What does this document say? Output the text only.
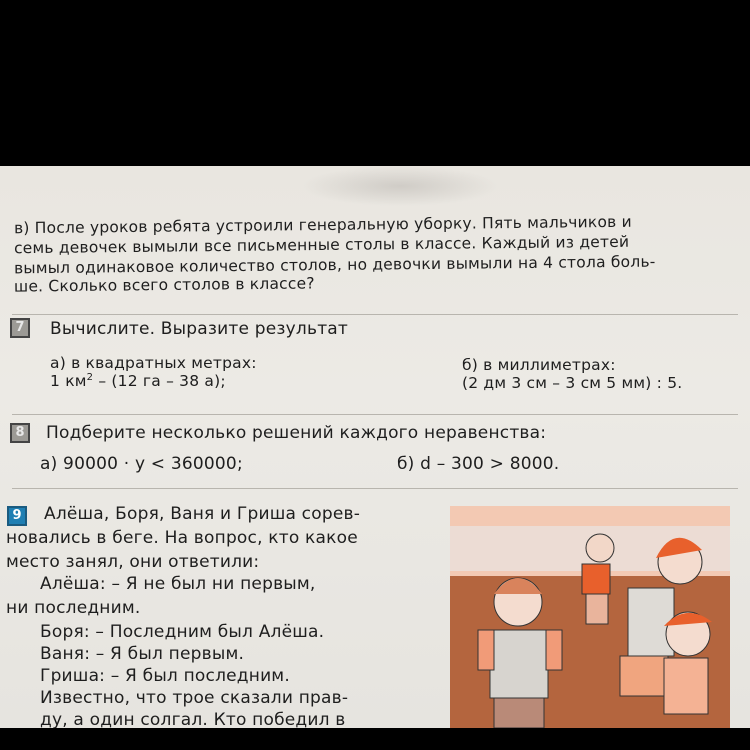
в) После уроков ребята устроили генеральную уборку. Пять мальчиков и
семь девочек вымыли все письменные столы в классе. Каждый из детей
вымыл одинаковое количество столов, но девочки вымыли на 4 стола боль-
ше. Сколько всего столов в классе?
7	Вычислите. Выразите результат
а) в квадратных метрах:
1 $км^2 - (12$ га – 38 а);
б) в миллиметрах:
(2 дм 3 см – 3 см 5 мм) : 5.
8	Подберите несколько решений каждого неравенства:
а) 90000 · y < 360000;	б) d – 300 > 8000.
9	Алёша, Боря, Ваня и Гриша сорев-
новались в беге. На вопрос, кто какое
место занял, они ответили:
Алёша: – Я не был ни первым,
ни последним.
Боря: – Последним был Алёша.
Ваня: – Я был первым.
Гриша: – Я был последним.
Известно, что трое сказали прав-
ду, а один солгал. Кто победил в
